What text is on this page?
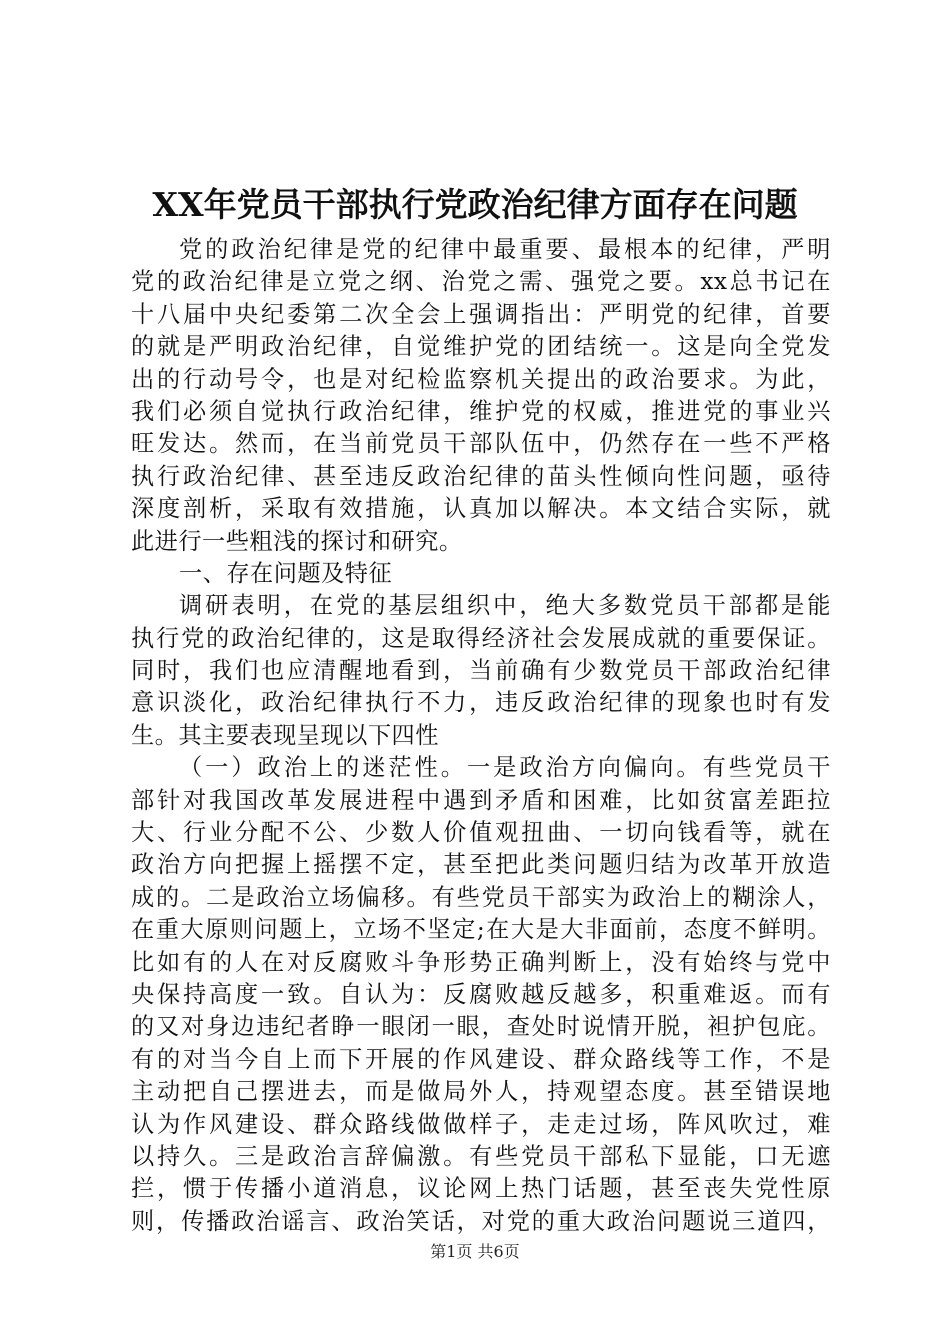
XX年党员干部执行党政治纪律方面存在问题
党的政治纪律是党的纪律中最重要、最根本的纪律，严明
党的政治纪律是立党之纲、治党之需、强党之要。xx总书记在
十八届中央纪委第二次全会上强调指出：严明党的纪律，首要
的就是严明政治纪律，自觉维护党的团结统一。这是向全党发
出的行动号令，也是对纪检监察机关提出的政治要求。为此，
我们必须自觉执行政治纪律，维护党的权威，推进党的事业兴
旺发达。然而，在当前党员干部队伍中，仍然存在一些不严格
执行政治纪律、甚至违反政治纪律的苗头性倾向性问题，亟待
深度剖析，采取有效措施，认真加以解决。本文结合实际，就
此进行一些粗浅的探讨和研究。
一、存在问题及特征
调研表明，在党的基层组织中，绝大多数党员干部都是能
执行党的政治纪律的，这是取得经济社会发展成就的重要保证。
同时，我们也应清醒地看到，当前确有少数党员干部政治纪律
意识淡化，政治纪律执行不力，违反政治纪律的现象也时有发
生。其主要表现呈现以下四性
（一）政治上的迷茫性。一是政治方向偏向。有些党员干
部针对我国改革发展进程中遇到矛盾和困难，比如贫富差距拉
大、行业分配不公、少数人价值观扭曲、一切向钱看等，就在
政治方向把握上摇摆不定，甚至把此类问题归结为改革开放造
成的。二是政治立场偏移。有些党员干部实为政治上的糊涂人，
在重大原则问题上，立场不坚定;在大是大非面前，态度不鲜明。
比如有的人在对反腐败斗争形势正确判断上，没有始终与党中
央保持高度一致。自认为：反腐败越反越多，积重难返。而有
的又对身边违纪者睁一眼闭一眼，查处时说情开脱，袒护包庇。
有的对当今自上而下开展的作风建设、群众路线等工作，不是
主动把自己摆进去，而是做局外人，持观望态度。甚至错误地
认为作风建设、群众路线做做样子，走走过场，阵风吹过，难
以持久。三是政治言辞偏激。有些党员干部私下显能，口无遮
拦，惯于传播小道消息，议论网上热门话题，甚至丧失党性原
则，传播政治谣言、政治笑话，对党的重大政治问题说三道四，
第1页 共6页
